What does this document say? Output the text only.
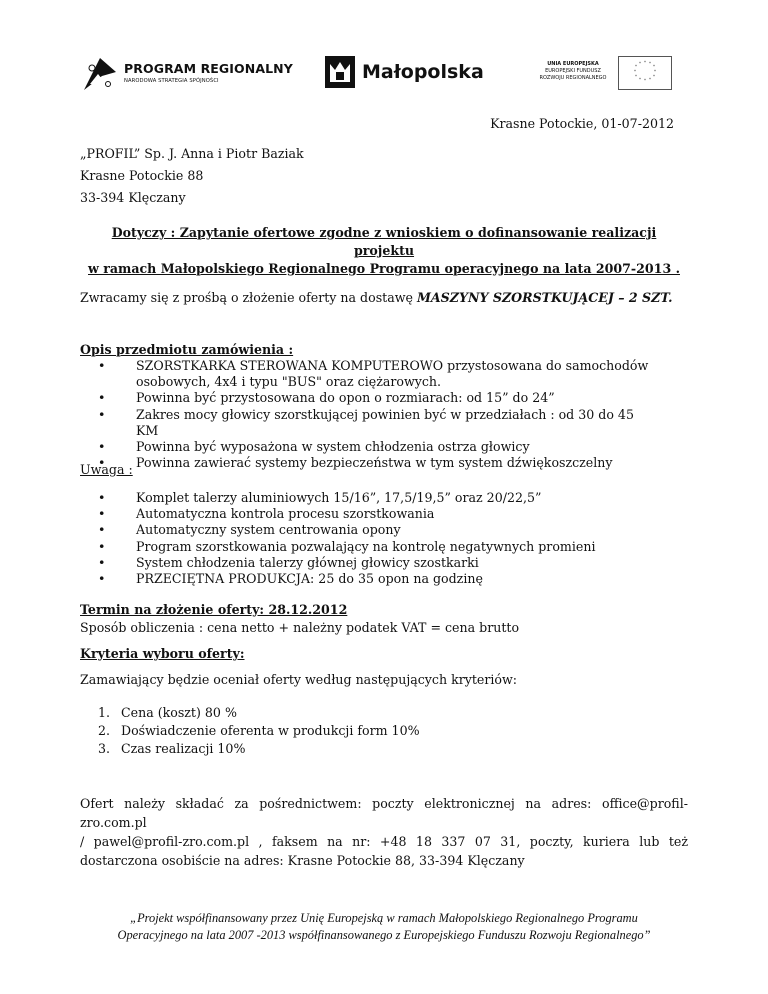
PROGRAM REGIONALNY
NARODOWA STRATEGIA SPÓJNOŚCI	Małopolska	UNIA EUROPEJSKA
EUROPEJSKI FUNDUSZ
ROZWOJU REGIONALNEGO
* *
*
*
*
*
*
*
*
*
*
*
Krasne Potockie, 01-07-2012
„PROFIL” Sp. J. Anna i Piotr Baziak
Krasne Potockie 88
33-394 Klęczany
Dotyczy : Zapytanie ofertowe zgodne z wnioskiem o dofinansowanie realizacji projektu
w ramach Małopolskiego Regionalnego Programu operacyjnego na lata 2007-2013 .
Zwracamy się z prośbą o złożenie oferty na dostawę MASZYNY SZORSTKUJĄCEJ – 2 SZT.
Opis przedmiotu zamówienia :
• SZORSTKARKA STEROWANA KOMPUTEROWO przystosowana do samochodów
osobowych, 4x4 i typu "BUS" oraz ciężarowych.
• Powinna być przystosowana do opon o rozmiarach: od 15” do 24”
• Zakres mocy głowicy szorstkującej powinien być w przedziałach : od 30 do 45 KM
• Powinna być wyposażona w system chłodzenia ostrza głowicy
• Powinna zawierać systemy bezpieczeństwa w tym system dźwiękoszczelny
Uwaga :
• Komplet talerzy aluminiowych 15/16”, 17,5/19,5” oraz 20/22,5”
• Automatyczna kontrola procesu szorstkowania
• Automatyczny system centrowania opony
• Program szorstkowania pozwalający na kontrolę negatywnych promieni
• System chłodzenia talerzy głównej głowicy szostkarki
• PRZECIĘTNA PRODUKCJA: 25 do 35 opon na godzinę
Termin na złożenie oferty: 28.12.2012
Sposób obliczenia : cena netto + należny podatek VAT = cena brutto
Kryteria wyboru oferty:
Zamawiający będzie oceniał oferty według następujących kryteriów:
1. Cena (koszt) 80 %
2. Doświadczenie oferenta w produkcji form 10%
3. Czas realizacji 10%
Ofert należy składać za pośrednictwem: poczty elektronicznej na adres: office@profil-zro.com.pl
/ pawel@profil-zro.com.pl , faksem na nr: +48 18 337 07 31, poczty, kuriera lub też
dostarczona osobiście na adres: Krasne Potockie 88, 33-394 Klęczany
„Projekt współfinansowany przez Unię Europejską w ramach Małopolskiego Regionalnego Programu
Operacyjnego na lata 2007 -2013 współfinansowanego z Europejskiego Funduszu Rozwoju Regionalnego”
